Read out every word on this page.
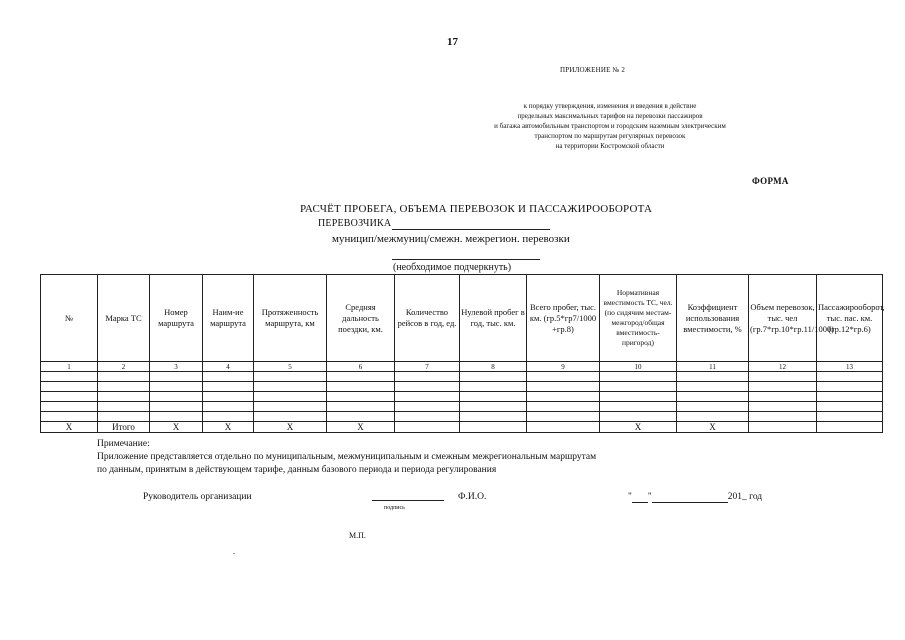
17
ПРИЛОЖЕНИЕ № 2
к порядку утверждения, изменения и введения в действие
предельных максимальных тарифов на перевозки пассажиров
и багажа автомобильным транспортом и городским наземным электрическим
транспортом по маршрутам регулярных перевозок
на территории Костромской области
ФОРМА
РАСЧЁТ ПРОБЕГА, ОБЪЕМА ПЕРЕВОЗОК И ПАССАЖИРООБОРОТА
ПЕРЕВОЗЧИКА
муницип/межмуниц/смежн. межрегион. перевозки
(необходимое подчеркнуть)
№	Марка ТС	Номер маршрута	Наим-ие маршрута	Протяженность маршрута, км	Средняя дальность поездки, км.	Количество рейсов в год, ед.	Нулевой пробег в год, тыс. км.	Всего пробег, тыс. км. (гр.5*гр7/1000 +гр.8)	Нормативная вместимость ТС, чел. (по сидячим местам-межгород/общая вместимость-пригород)	Коэффициент использования вместимости, %	Объем перевозок, тыс. чел (гр.7*гр.10*гр.11/1000)	Пассажирооборот, тыс. пас. км. (гр.12*гр.6)
1	2	3	4	5	6	7	8	9	10	11	12	13

Х	Итого	Х	Х	Х	Х				Х	Х		
Примечание:
Приложение представляется отдельно по муниципальным, межмуниципальным и смежным межрегиональным маршрутам
по данным, принятым в действующем тарифе, данным базового периода и периода регулирования
Руководитель организации
подпись
Ф.И.О.	" "	201_ год
М.П.
